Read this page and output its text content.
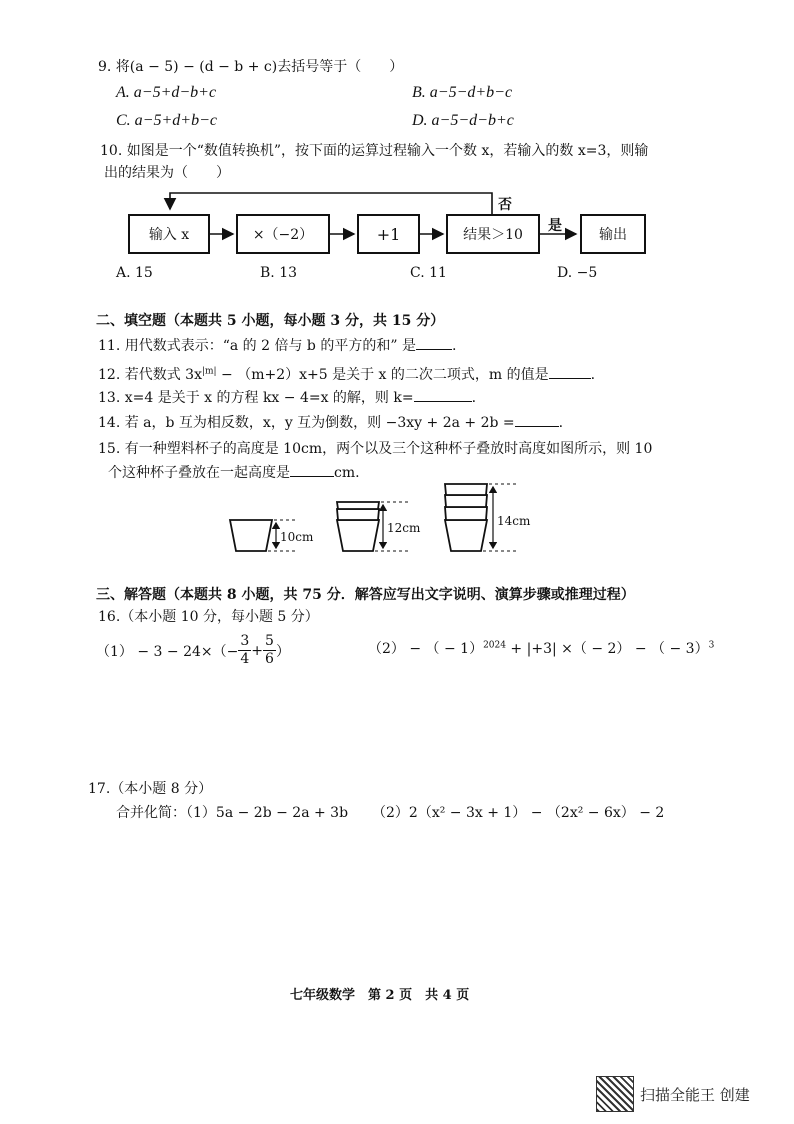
9. 将(a − 5) − (d − b + c)去括号等于（　　）
A. a−5+d−b+c	B. a−5−d+b−c
C. a−5+d+b−c	D. a−5−d−b+c
10. 如图是一个“数值转换机”，按下面的运算过程输入一个数 x，若输入的数 x=3，则输
出的结果为（　　）
输入 x	×（−2）	+1	结果＞10	输出
是
否
A. 15	B. 13	C. 11	D. −5
二、填空题（本题共 5 小题，每小题 3 分，共 15 分）
11. 用代数式表示：“a 的 2 倍与 b 的平方的和” 是	.
12. 若代数式 $3x^{|m|} - (m+2)x+5$ 是关于 x 的二次二项式，m 的值是	.
13. x=4 是关于 x 的方程 kx − 4=x 的解，则 k=	.
14. 若 a，b 互为相反数，x，y 互为倒数，则 −3xy + 2a + 2b =	.
15. 有一种塑料杯子的高度是 10cm，两个以及三个这种杯子叠放时高度如图所示，则 10
个这种杯子叠放在一起高度是	cm.
10cm
12cm	14cm
三、解答题（本题共 8 小题，共 75 分．解答应写出文字说明、演算步骤或推理过程）
16.（本小题 10 分，每小题 5 分）
$(1) - 3 - 24\times(- \frac{3}{4} + \frac{5}{6}$ ）	（2） − （ − 1）$^{2024}$ + |+3| ×（ − 2） − （ − 3）$^3$
17.（本小题 8 分）
合并化简：（1）5a − 2b − 2a + 3b （2）2（x² − 3x + 1） − （2x² − 6x） − 2
七年级数学　第 2 页　共 4 页
扫描全能王 创建
